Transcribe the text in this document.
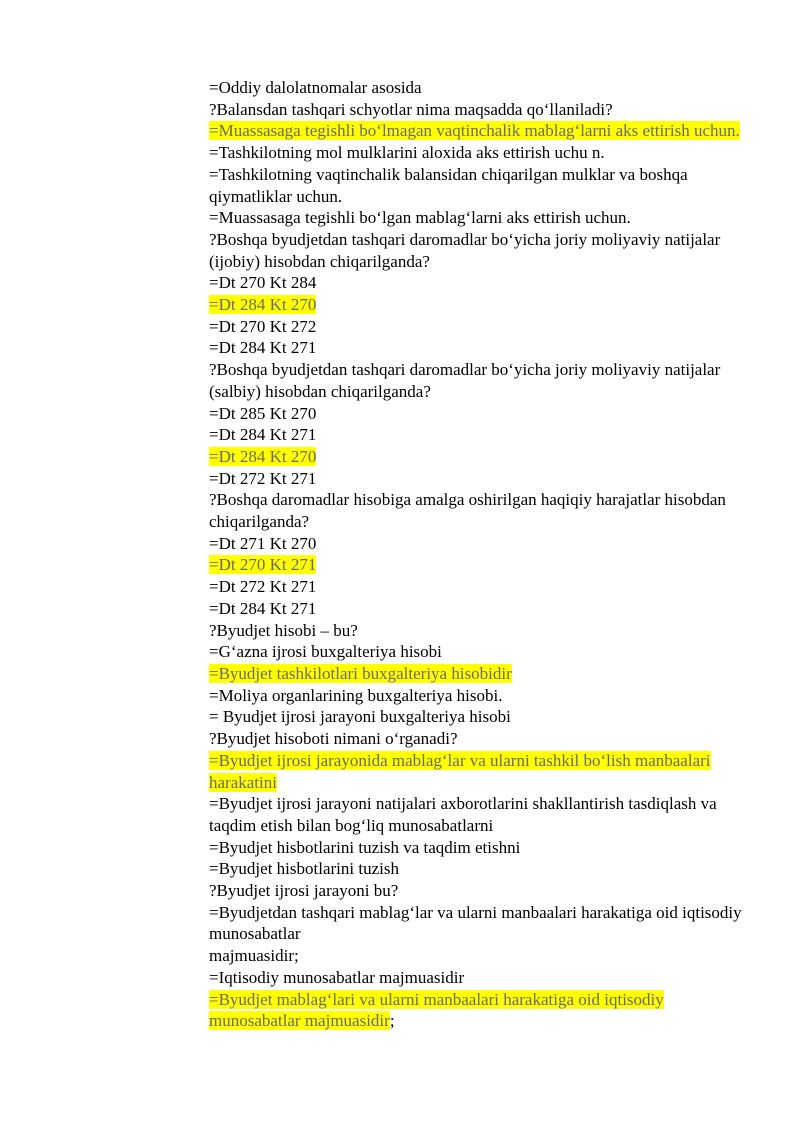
=Oddiy dalolatnomalar asosida
?Balansdan tashqari schyotlar nima maqsadda qo‘llaniladi?
=Muassasaga tegishli bo‘lmagan vaqtinchalik mablag‘larni aks ettirish uchun.
=Tashkilotning mol mulklarini aloxida aks ettirish uchu n.
=Tashkilotning vaqtinchalik balansidan chiqarilgan mulklar va boshqa qiymatliklar uchun.
=Muassasaga tegishli bo‘lgan mablag‘larni aks ettirish uchun.
?Boshqa byudjetdan tashqari daromadlar bo‘yicha joriy moliyaviy natijalar (ijobiy) hisobdan chiqarilganda?
=Dt 270 Kt 284
=Dt 284 Kt 270
=Dt 270 Kt 272
=Dt 284 Kt 271
?Boshqa byudjetdan tashqari daromadlar bo‘yicha joriy moliyaviy natijalar (salbiy) hisobdan chiqarilganda?
=Dt 285 Kt 270
=Dt 284 Kt 271
=Dt 284 Kt 270
=Dt 272 Kt 271
?Boshqa daromadlar hisobiga amalga oshirilgan haqiqiy harajatlar hisobdan chiqarilganda?
=Dt 271 Kt 270
=Dt 270 Kt 271
=Dt 272 Kt 271
=Dt 284 Kt 271
?Byudjet hisobi – bu?
=G‘azna ijrosi buxgalteriya hisobi
=Byudjet tashkilotlari buxgalteriya hisobidir
=Moliya organlarining buxgalteriya hisobi.
= Byudjet ijrosi jarayoni buxgalteriya hisobi
?Byudjet hisoboti nimani o‘rganadi?
=Byudjet ijrosi jarayonida mablag‘lar va ularni tashkil bo‘lish manbaalari harakatini
=Byudjet ijrosi jarayoni natijalari axborotlarini shakllantirish tasdiqlash va taqdim etish bilan bog‘liq munosabatlarni
=Byudjet hisbotlarini tuzish va taqdim etishni
=Byudjet hisbotlarini tuzish
?Byudjet ijrosi jarayoni bu?
=Byudjetdan tashqari mablag‘lar va ularni manbaalari harakatiga oid iqtisodiy munosabatlar
majmuasidir;
=Iqtisodiy munosabatlar majmuasidir
=Byudjet mablag‘lari va ularni manbaalari harakatiga oid iqtisodiy munosabatlar majmuasidir;
